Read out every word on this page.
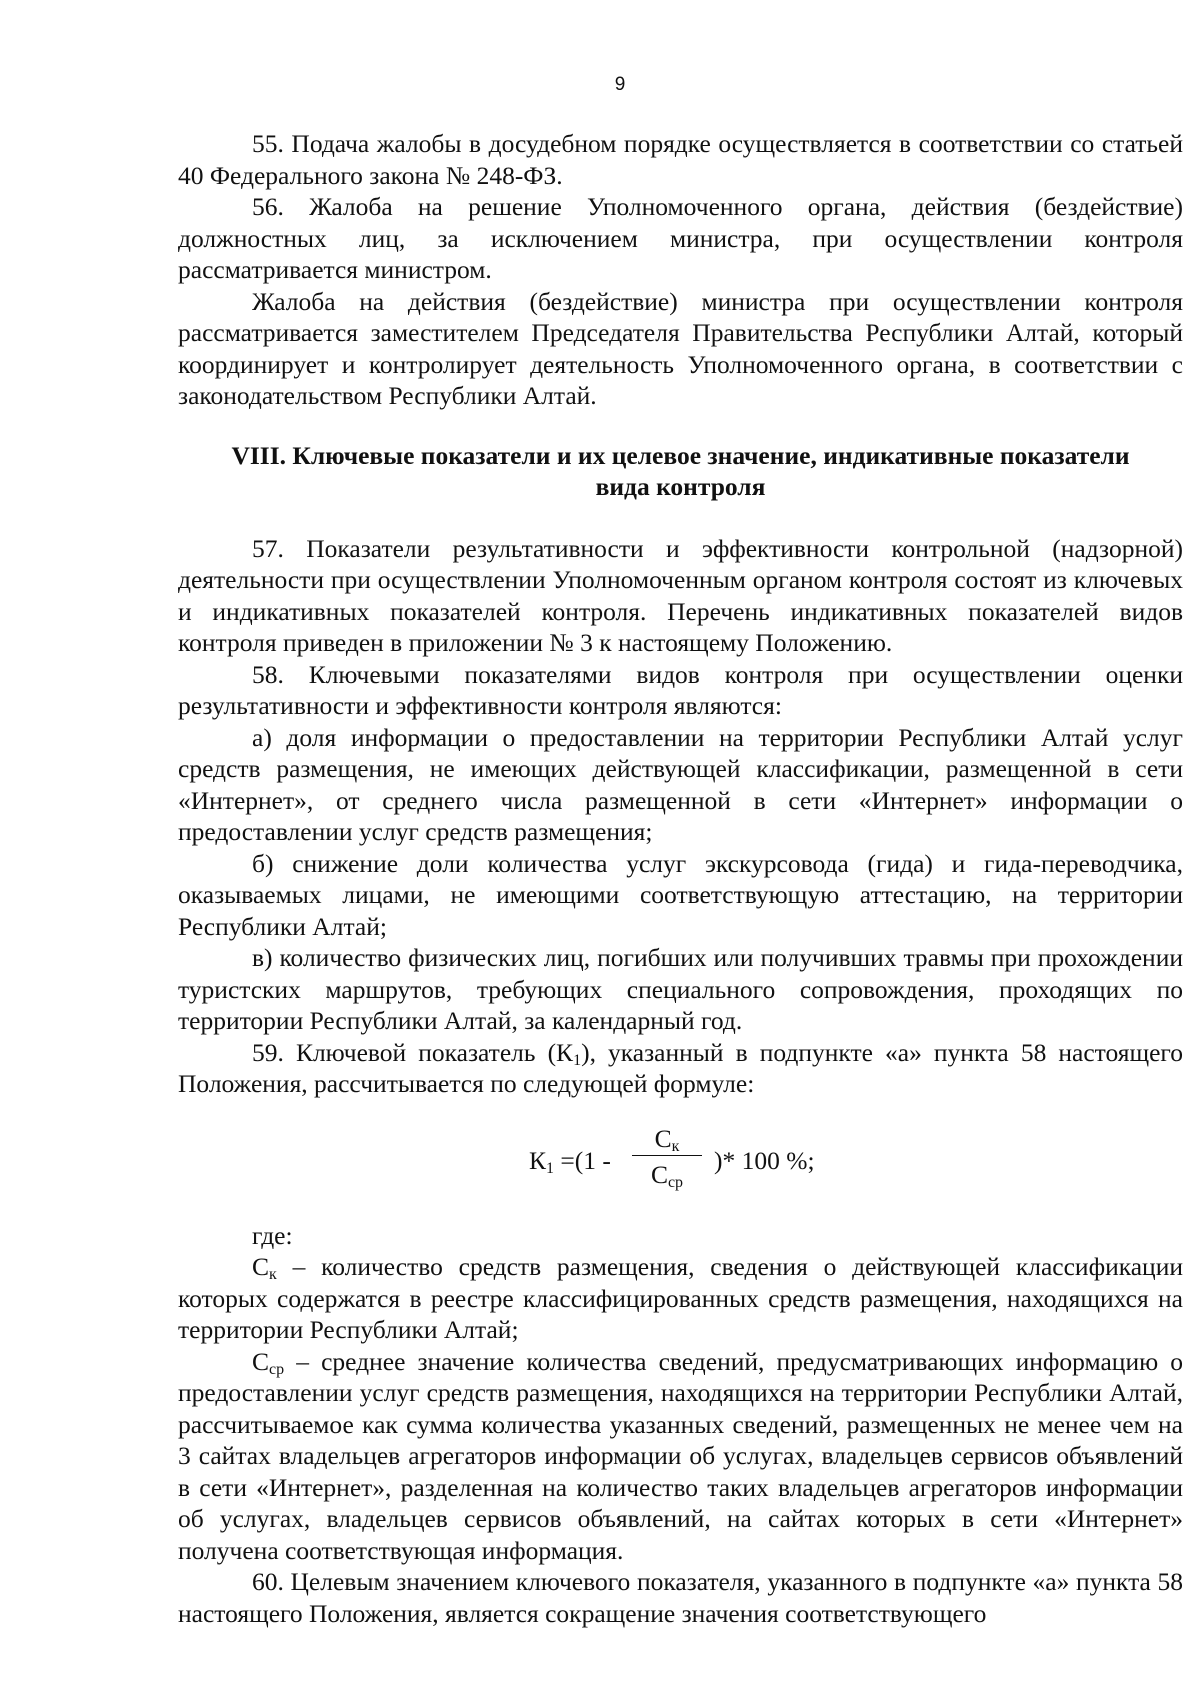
9

55. Подача жалобы в досудебном порядке осуществляется в соответствии со статьей 40 Федерального закона № 248-ФЗ.

56. Жалоба на решение Уполномоченного органа, действия (бездействие) должностных лиц, за исключением министра, при осуществлении контроля рассматривается министром.

Жалоба на действия (бездействие) министра при осуществлении контроля рассматривается заместителем Председателя Правительства Республики Алтай, который координирует и контролирует деятельность Уполномоченного органа, в соответствии с законодательством Республики Алтай.

VIII. Ключевые показатели и их целевое значение, индикативные показатели
вида контроля

57. Показатели результативности и эффективности контрольной (надзорной) деятельности при осуществлении Уполномоченным органом контроля состоят из ключевых и индикативных показателей контроля. Перечень индикативных показателей видов контроля приведен в приложении № 3 к настоящему Положению.

58. Ключевыми показателями видов контроля при осуществлении оценки результативности и эффективности контроля являются:

а) доля информации о предоставлении на территории Республики Алтай услуг средств размещения, не имеющих действующей классификации, размещенной в сети «Интернет», от среднего числа размещенной в сети «Интернет» информации о предоставлении услуг средств размещения;

б) снижение доли количества услуг экскурсовода (гида) и гида-переводчика, оказываемых лицами, не имеющими соответствующую аттестацию, на территории Республики Алтай;

в) количество физических лиц, погибших или получивших травмы при прохождении туристских маршрутов, требующих специального сопровождения, проходящих по территории Республики Алтай, за календарный год.

59. Ключевой показатель $(К_1)$, указанный в подпункте «а» пункта 58 настоящего Положения, рассчитывается по следующей формуле:

$К_1 =(1$ -
$С_к$
$С_{ср}$
)* 100 %;

где:

$С_к$ – количество средств размещения, сведения о действующей классификации которых содержатся в реестре классифицированных средств размещения, находящихся на территории Республики Алтай;

$С_{ср}$ – среднее значение количества сведений, предусматривающих информацию о предоставлении услуг средств размещения, находящихся на территории Республики Алтай, рассчитываемое как сумма количества указанных сведений, размещенных не менее чем на 3 сайтах владельцев агрегаторов информации об услугах, владельцев сервисов объявлений в сети «Интернет», разделенная на количество таких владельцев агрегаторов информации об услугах, владельцев сервисов объявлений, на сайтах которых в сети «Интернет» получена соответствующая информация.

60. Целевым значением ключевого показателя, указанного в подпункте «а» пункта 58 настоящего Положения, является сокращение значения соответствующего
